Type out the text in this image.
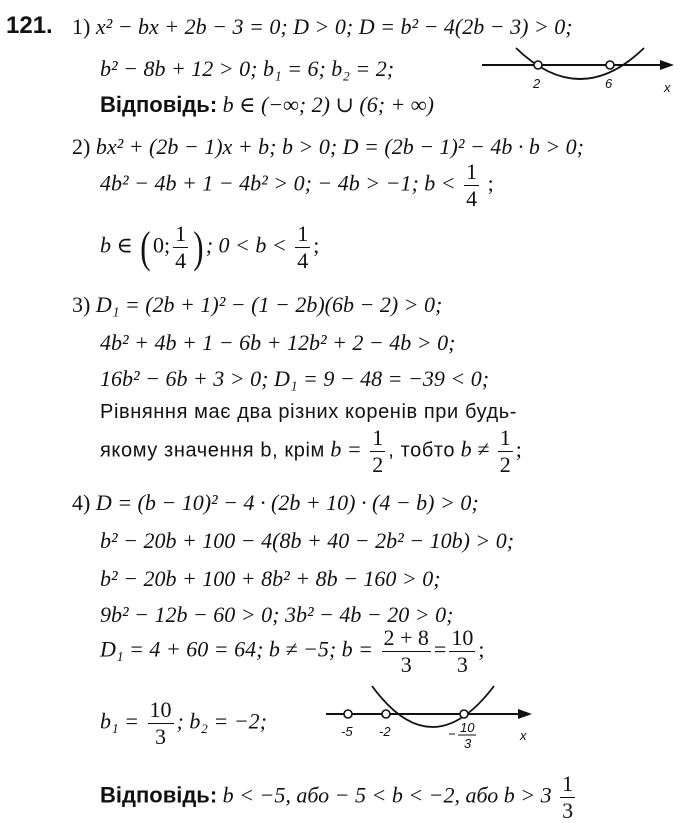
121. 1) x² − bx + 2b − 3 = 0; D > 0; D = b² − 4(2b − 3) > 0;
b² − 8b + 12 > 0; b₁ = 6; b₂ = 2;
2	6	x
Відповідь: b ∈ (−∞; 2) ∪ (6; + ∞)
2) bx² + (2b − 1)x + b; b > 0; D = (2b − 1)² − 4b · b > 0;
4b² − 4b + 1 − 4b² > 0; − 4b > −1; $b < \frac{1}{4}$ ;
b ∈ (0; $\frac{1}{4}$ ); $0 < b < \frac{1}{4}$ ;
3) D₁ = (2b + 1)² − (1 − 2b)(6b − 2) > 0;
4b² + 4b + 1 − 6b + 12b² + 2 − 4b > 0;
16b² − 6b + 3 > 0; D₁ = 9 − 48 = −39 < 0;
Рівняння має два різних коренів при будь-
якому значення b, крім $b = \frac{1}{2}$ , тобто $b \ne \frac{1}{2}$ ;
4) D = (b − 10)² − 4 · (2b + 10) · (4 − b) > 0;
b² − 20b + 100 − 4(8b + 40 − 2b² − 10b) > 0;
b² − 20b + 100 + 8b² + 8b − 160 > 0;
9b² − 12b − 60 > 0; 3b² − 4b − 20 > 0;
D₁ = 4 + 60 = 64; b ≠ −5; $b = \frac{2 + 8}{3} = \frac{10}{3}$ ;
$b_1 = \frac{10}{3}$ ; b₂ = −2;	-5 -2	10
3
x
Відповідь: b < −5, або − 5 < b < −2, або $b > 3 \frac{1}{3}$
